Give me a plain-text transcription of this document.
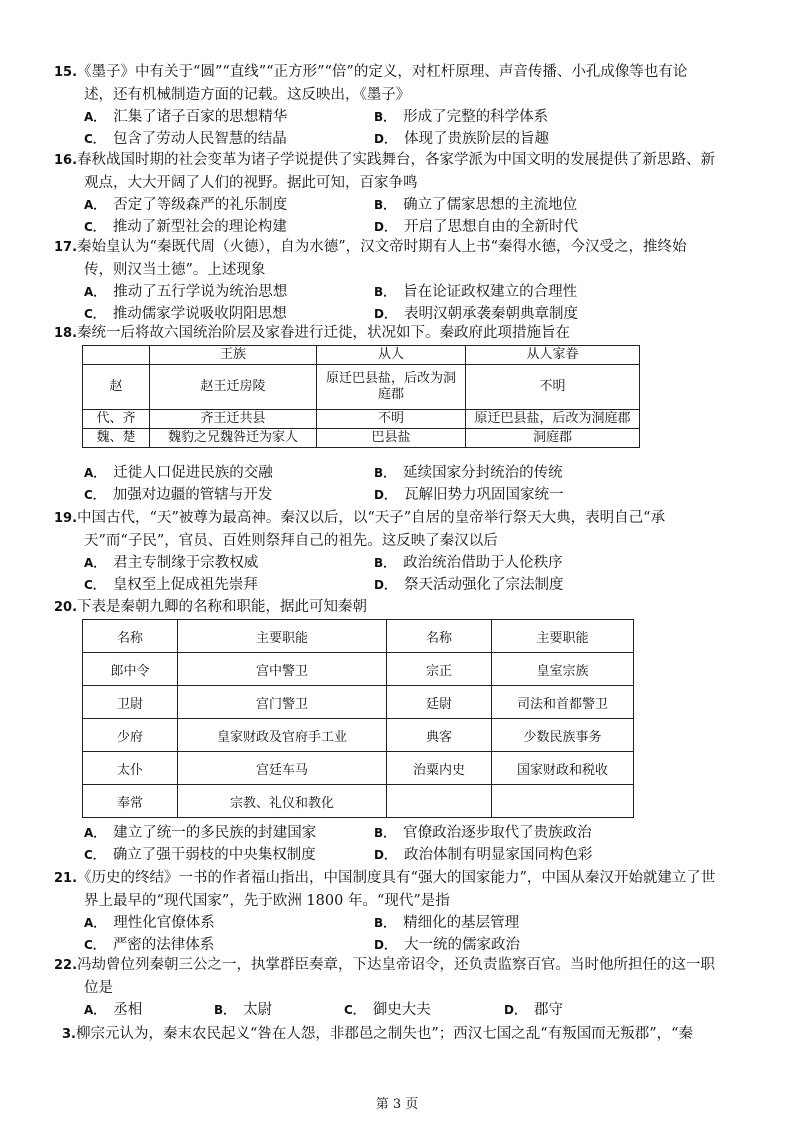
15.《墨子》中有关于“圆”“直线”“正方形”“倍”的定义，对杠杆原理、声音传播、小孔成像等也有论

述，还有机械制造方面的记载。这反映出，《墨子》

A． 汇集了诸子百家的思想精华	B． 形成了完整的科学体系
C． 包含了劳动人民智慧的结晶	D． 体现了贵族阶层的旨趣

16.春秋战国时期的社会变革为诸子学说提供了实践舞台，各家学派为中国文明的发展提供了新思路、新

观点，大大开阔了人们的视野。据此可知，百家争鸣

A． 否定了等级森严的礼乐制度	B． 确立了儒家思想的主流地位
C． 推动了新型社会的理论构建	D． 开启了思想自由的全新时代

17.秦始皇认为“秦既代周（火德），自为水德”，汉文帝时期有人上书“秦得水德，今汉受之，推终始

传，则汉当土德”。上述现象

A． 推动了五行学说为统治思想	B． 旨在论证政权建立的合理性
C． 推动儒家学说吸收阴阳思想	D． 表明汉朝承袭秦朝典章制度

18.秦统一后将故六国统治阶层及家眷进行迁徙，状况如下。秦政府此项措施旨在

	王族	从人	从人家眷
赵	赵王迁房陵	原迁巴县盐，后改为洞庭郡	不明
代、齐	齐王迁共县	不明	原迁巴县盐，后改为洞庭郡
魏、楚	魏豹之兄魏咎迁为家人	巴县盐	洞庭郡
A． 迁徙人口促进民族的交融	B． 延续国家分封统治的传统
C． 加强对边疆的管辖与开发	D． 瓦解旧势力巩固国家统一

19.中国古代，“天”被尊为最高神。秦汉以后，以“天子”自居的皇帝举行祭天大典，表明自己“承

天”而“子民”，官员、百姓则祭拜自己的祖先。这反映了秦汉以后

A． 君主专制缘于宗教权威	B． 政治统治借助于人伦秩序
C． 皇权至上促成祖先崇拜	D． 祭天活动强化了宗法制度

20.下表是秦朝九卿的名称和职能，据此可知秦朝

名称	主要职能	名称	主要职能
郎中令	宫中警卫	宗正	皇室宗族
卫尉	宫门警卫	廷尉	司法和首都警卫
少府	皇家财政及官府手工业	典客	少数民族事务
太仆	宫廷车马	治粟内史	国家财政和税收
奉常	宗教、礼仪和教化		
A． 建立了统一的多民族的封建国家	B． 官僚政治逐步取代了贵族政治
C． 确立了强干弱枝的中央集权制度	D． 政治体制有明显家国同构色彩

21.《历史的终结》一书的作者福山指出，中国制度具有“强大的国家能力”，中国从秦汉开始就建立了世

界上最早的“现代国家”，先于欧洲 1800 年。“现代”是指

A． 理性化官僚体系	B． 精细化的基层管理
C． 严密的法律体系	D． 大一统的儒家政治

22.冯劫曾位列秦朝三公之一，执掌群臣奏章，下达皇帝诏令，还负责监察百官。当时他所担任的这一职

位是

A． 丞相	B． 太尉	C． 御史大夫	D． 郡守

3.柳宗元认为，秦末农民起义“咎在人怨，非郡邑之制失也”；西汉七国之乱“有叛国而无叛郡”，“秦

第 3 页
